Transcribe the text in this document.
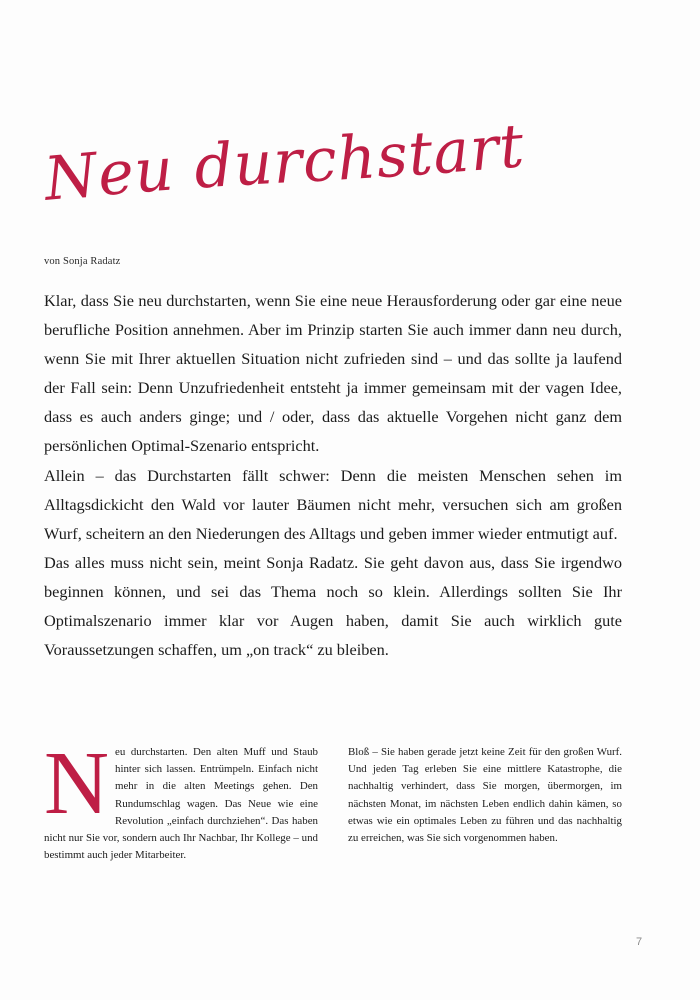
Neu durchstarten
von Sonja Radatz

Klar, dass Sie neu durchstarten, wenn Sie eine neue Herausforderung oder gar eine neue berufliche Position annehmen. Aber im Prinzip starten Sie auch immer dann neu durch, wenn Sie mit Ihrer aktuellen Situation nicht zufrieden sind – und das sollte ja laufend der Fall sein: Denn Unzufriedenheit entsteht ja immer gemeinsam mit der vagen Idee, dass es auch anders ginge; und / oder, dass das aktuelle Vorgehen nicht ganz dem persönlichen Optimal-Szenario entspricht.

Allein – das Durchstarten fällt schwer: Denn die meisten Menschen sehen im Alltagsdickicht den Wald vor lauter Bäumen nicht mehr, versuchen sich am großen Wurf, scheitern an den Niederungen des Alltags und geben immer wieder entmutigt auf.

Das alles muss nicht sein, meint Sonja Radatz. Sie geht davon aus, dass Sie irgendwo beginnen können, und sei das Thema noch so klein. Allerdings sollten Sie Ihr Optimalszenario immer klar vor Augen haben, damit Sie auch wirklich gute Voraussetzungen schaffen, um „on track“ zu bleiben.

Neu durchstarten. Den alten Muff und Staub hinter sich lassen. Entrümpeln. Einfach nicht mehr in die alten Meetings gehen. Den Rundumschlag wagen. Das Neue wie eine Revolution „einfach durchziehen“. Das haben nicht nur Sie vor, sondern auch Ihr Nachbar, Ihr Kollege – und bestimmt auch jeder Mitarbeiter.

Bloß – Sie haben gerade jetzt keine Zeit für den großen Wurf. Und jeden Tag erleben Sie eine mittlere Katastrophe, die nachhaltig verhindert, dass Sie morgen, übermorgen, im nächsten Monat, im nächsten Leben endlich dahin kämen, so etwas wie ein optimales Leben zu führen und das nachhaltig zu erreichen, was Sie sich vorgenommen haben.

7
